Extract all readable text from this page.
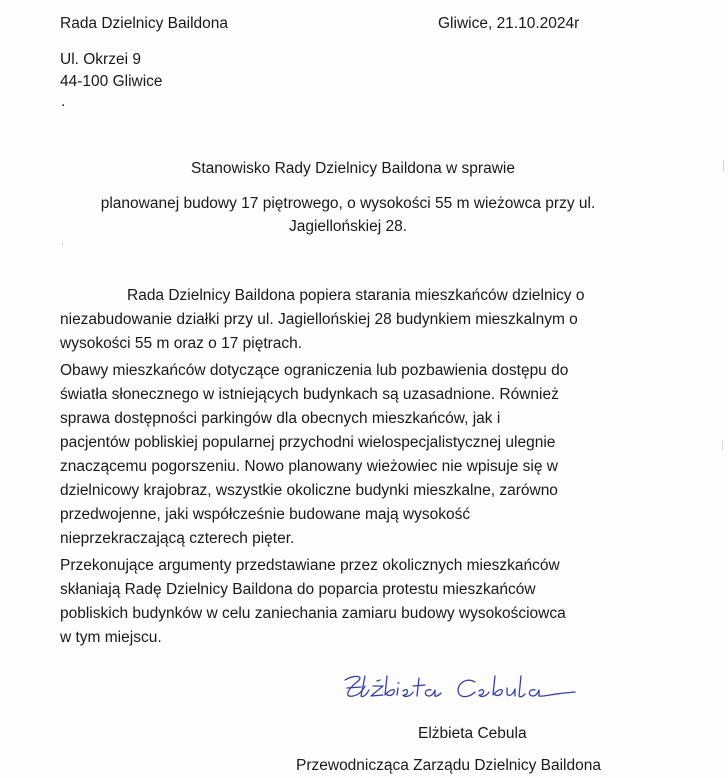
Rada Dzielnicy Baildona	Gliwice, 21.10.2024r
Ul. Okrzei 9
44-100 Gliwice
.
Stanowisko Rady Dzielnicy Baildona w sprawie
planowanej budowy 17 piętrowego, o wysokości 55 m wieżowca przy ul.
Jagiellońskiej 28.
Rada Dzielnicy Baildona popiera starania mieszkańców dzielnicy o
niezabudowanie działki przy ul. Jagiellońskiej 28 budynkiem mieszkalnym o
wysokości 55 m oraz o 17 piętrach.
Obawy mieszkańców dotyczące ograniczenia lub pozbawienia dostępu do
światła słonecznego w istniejących budynkach są uzasadnione. Również
sprawa dostępności parkingów dla obecnych mieszkańców, jak i
pacjentów pobliskiej popularnej przychodni wielospecjalistycznej ulegnie
znaczącemu pogorszeniu. Nowo planowany wieżowiec nie wpisuje się w
dzielnicowy krajobraz, wszystkie okoliczne budynki mieszkalne, zarówno
przedwojenne, jaki współcześnie budowane mają wysokość
nieprzekraczającą czterech pięter.
Przekonujące argumenty przedstawiane przez okolicznych mieszkańców
skłaniają Radę Dzielnicy Baildona do poparcia protestu mieszkańców
pobliskich budynków w celu zaniechania zamiaru budowy wysokościowca
w tym miejscu.
Elżbieta Cebula
Przewodnicząca Zarządu Dzielnicy Baildona
